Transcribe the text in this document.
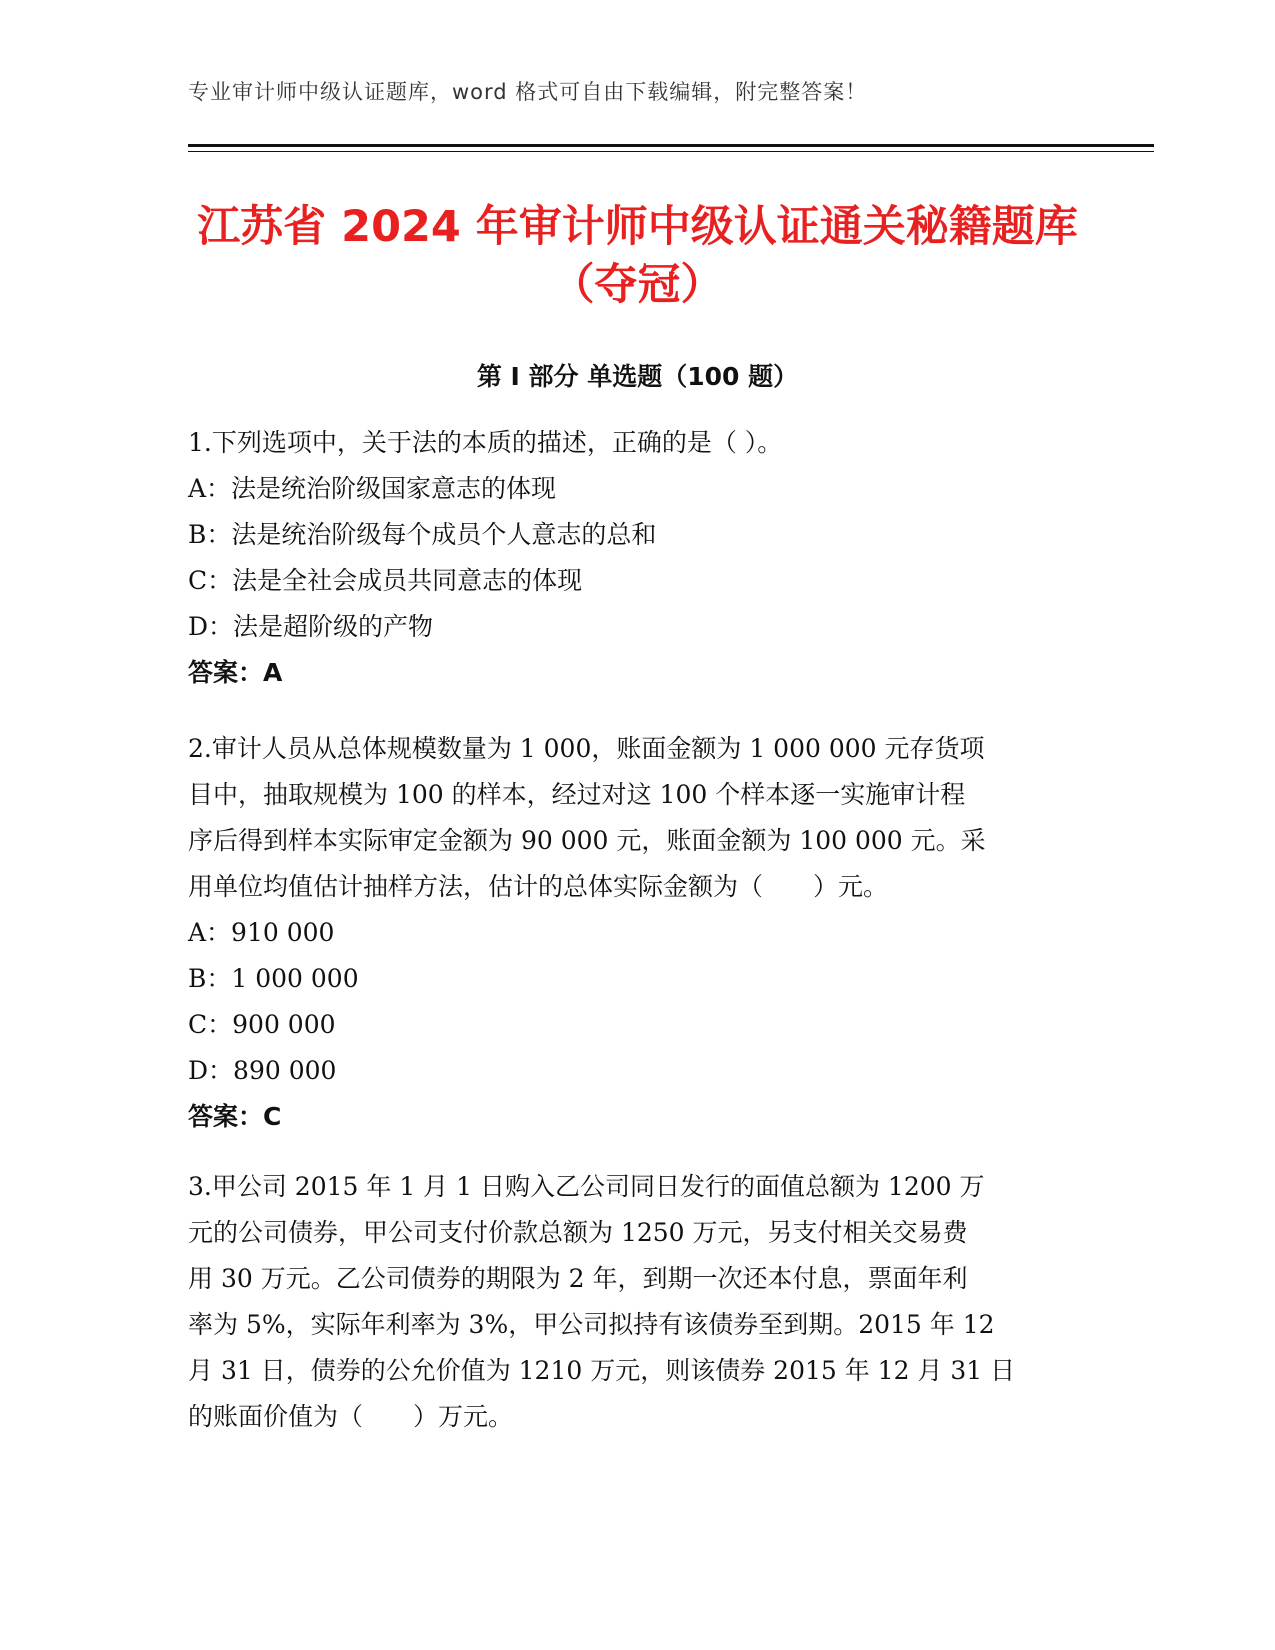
专业审计师中级认证题库，word 格式可自由下载编辑，附完整答案！
江苏省 2024 年审计师中级认证通关秘籍题库
（夺冠）
第 I 部分 单选题（100 题）

1.下列选项中，关于法的本质的描述，正确的是（ ）。

A：法是统治阶级国家意志的体现

B：法是统治阶级每个成员个人意志的总和

C：法是全社会成员共同意志的体现

D：法是超阶级的产物

答案：A

2.审计人员从总体规模数量为 1 000，账面金额为 1 000 000 元存货项

目中，抽取规模为 100 的样本，经过对这 100 个样本逐一实施审计程

序后得到样本实际审定金额为 90 000 元，账面金额为 100 000 元。采

用单位均值估计抽样方法，估计的总体实际金额为（　　）元。

A：910 000

B：1 000 000

C：900 000

D：890 000

答案：C

3.甲公司 2015 年 1 月 1 日购入乙公司同日发行的面值总额为 1200 万

元的公司债券，甲公司支付价款总额为 1250 万元，另支付相关交易费

用 30 万元。乙公司债券的期限为 2 年，到期一次还本付息，票面年利

率为 5%，实际年利率为 3%，甲公司拟持有该债券至到期。2015 年 12

月 31 日，债券的公允价值为 1210 万元，则该债券 2015 年 12 月 31 日

的账面价值为（　　）万元。
